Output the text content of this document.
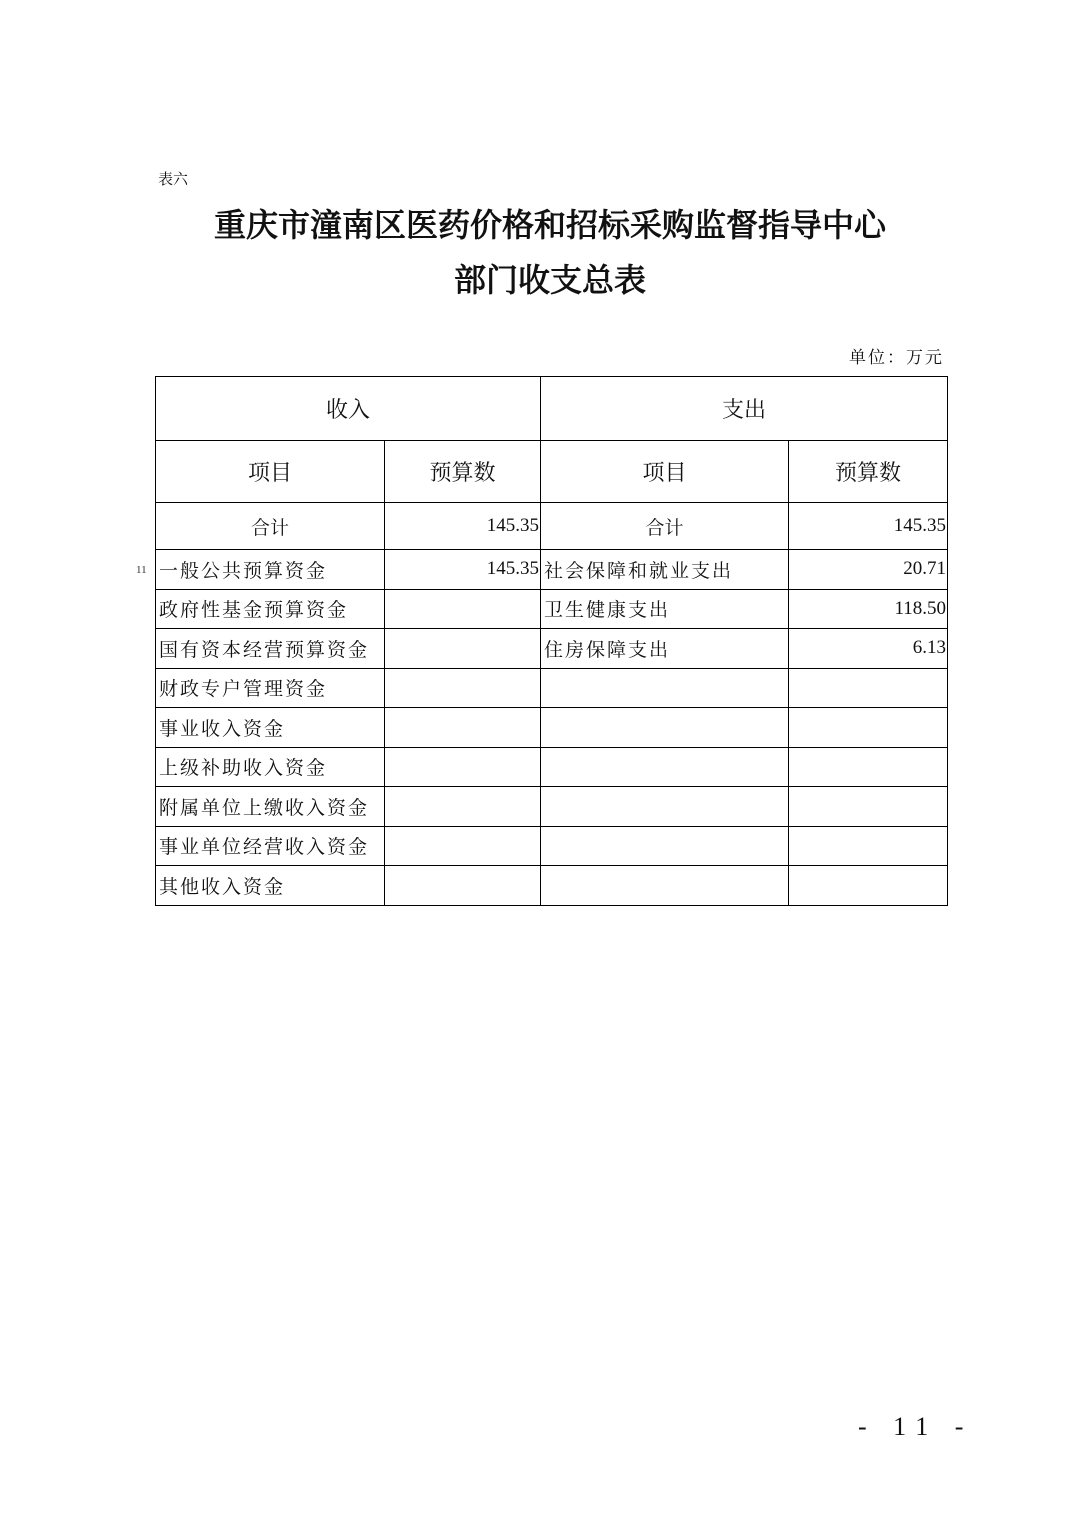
表六
重庆市潼南区医药价格和招标采购监督指导中心
部门收支总表
单位：万元
11
收入		支出	
项目	预算数	项目	预算数
合计	145.35	合计	145.35
一般公共预算资金	145.35	社会保障和就业支出	20.71
政府性基金预算资金		卫生健康支出	118.50
国有资本经营预算资金		住房保障支出	6.13
财政专户管理资金			
事业收入资金			
上级补助收入资金			
附属单位上缴收入资金			
事业单位经营收入资金			
其他收入资金			
- 11 -
